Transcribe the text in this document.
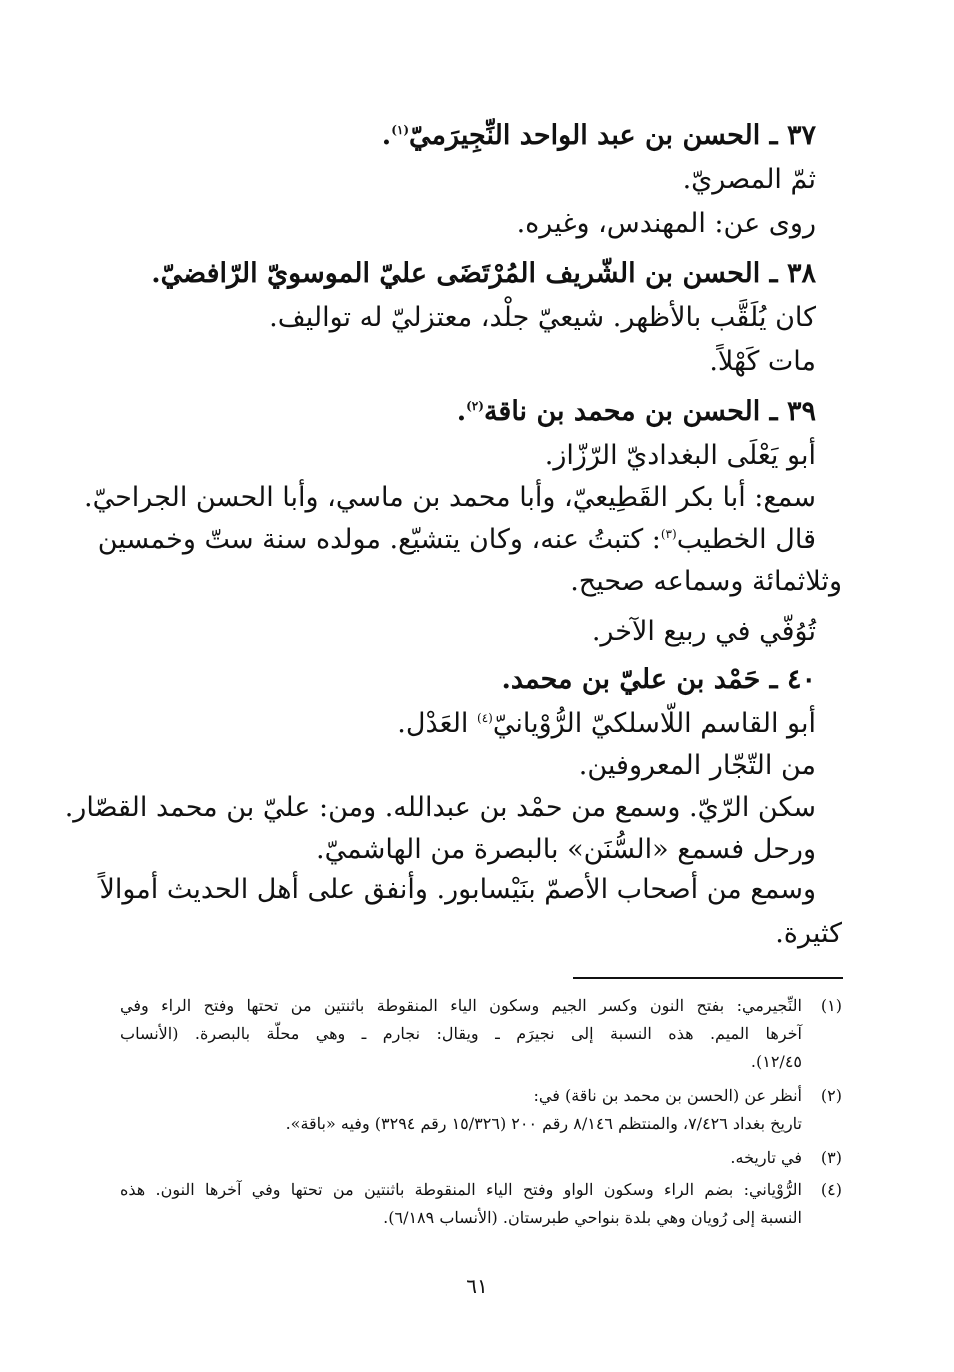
٣٧ ـ الحسن بن عبد الواحد النِّجِيرَميّ$^{(١)}$.
ثمّ المصريّ.
روى عن: المهندس، وغيره.
٣٨ ـ الحسن بن الشّريف المُرْتَضَى عليّ الموسويّ الرّافضيّ.
كان يُلَقَّب بالأظهر. شيعيّ جلْد، معتزليّ له تواليف.
مات كَهْلاً.
٣٩ ـ الحسن بن محمد بن ناقة$^{(٢)}$.
أبو يَعْلَى البغداديّ الرّزّاز.
سمع: أبا بكر القَطِيعيّ، وأبا محمد بن ماسي، وأبا الحسن الجراحيّ.
قال الخطيب$^{(٣)}$: كتبتُ عنه، وكان يتشيّع. مولده سنة ستّ وخمسين
وثلاثمائة وسماعه صحيح.
تُوُفّي في ربيع الآخر.
٤٠ ـ حَمْد بن عليّ بن محمد.
أبو القاسم اللّاسلكيّ الرُّوْيانيّ$^{(٤)}$ العَدْل.
من التّجّار المعروفين.
سكن الرّيّ. وسمع من حمْد بن عبدالله. ومن: عليّ بن محمد القصّار.
ورحل فسمع «السُّنَن» بالبصرة من الهاشميّ.
وسمع من أصحاب الأصمّ بنَيْسابور. وأنفق على أهل الحديث أموالاً
كثيرة.
(١)النِّجيرمي: بفتح النون وكسر الجيم وسكون الياء المنقوطة باثنتين من تحتها وفتح الراء وفي
آخرها الميم. هذه النسبة إلى نجيرَم ـ ويقال: نجارم ـ وهي محلّة بالبصرة. (الأنساب
١٢/٤٥).
(٢)أنظر عن (الحسن بن محمد بن ناقة) في:
تاريخ بغداد ٧/٤٢٦، والمنتظم ٨/١٤٦ رقم ٢٠٠ (١٥/٣٢٦ رقم ٣٢٩٤) وفيه «باقة».
(٣)في تاريخه.
(٤)الرُّوْياني: بضم الراء وسكون الواو وفتح الياء المنقوطة باثنتين من تحتها وفي آخرها النون. هذه
النسبة إلى رُويان وهي بلدة بنواحي طبرستان. (الأنساب ٦/١٨٩).
٦١
